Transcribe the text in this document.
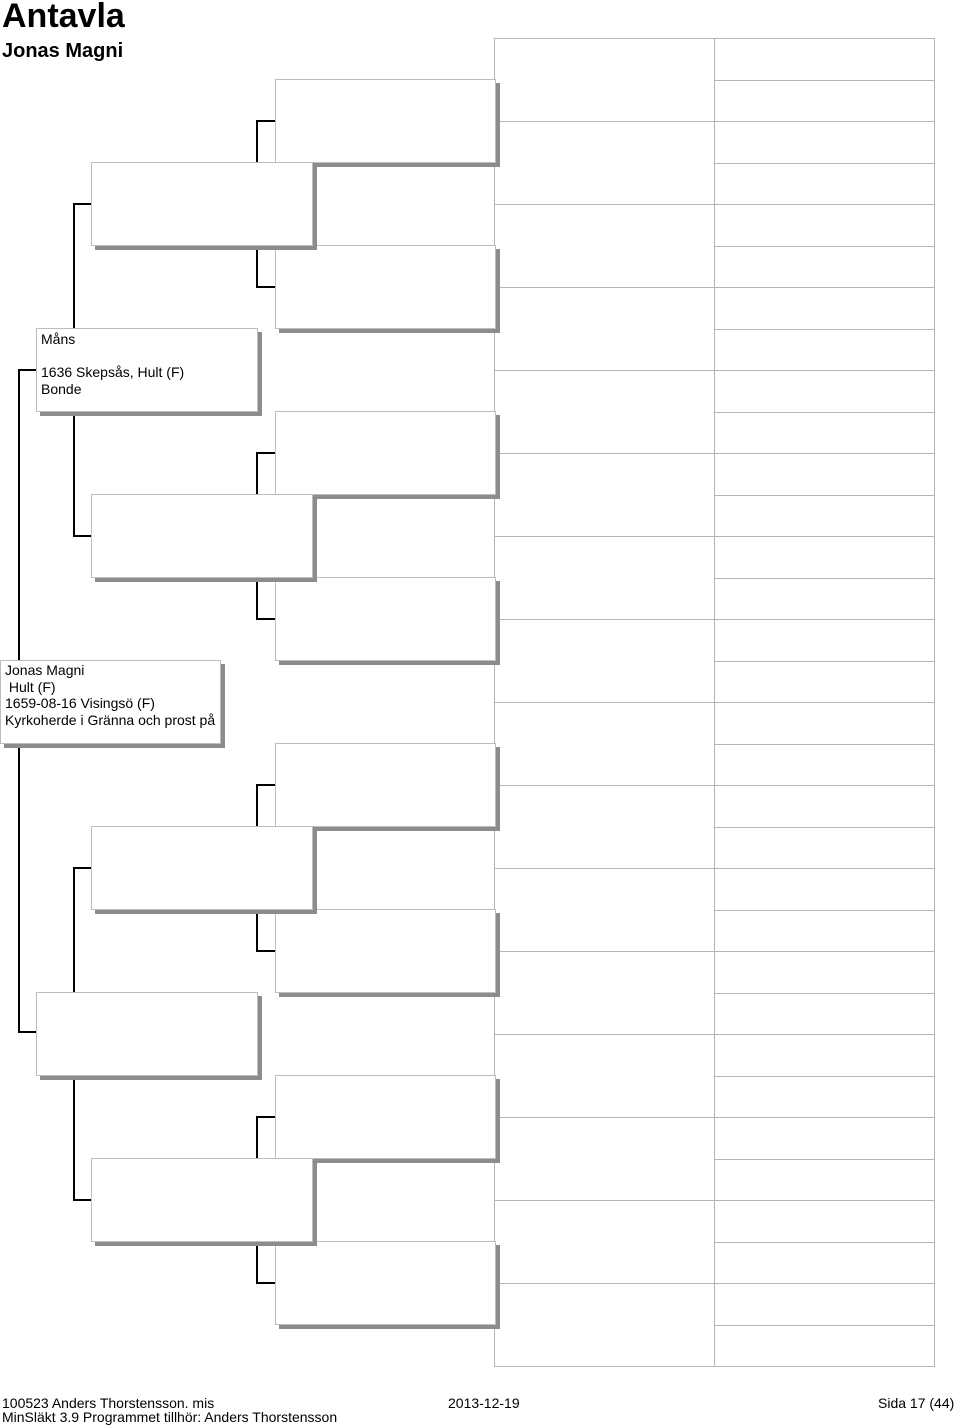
Antavla
Jonas Magni
Måns
1636 Skepsås, Hult (F)
Bonde
Jonas Magni
Hult (F)
1659-08-16 Visingsö (F)
Kyrkoherde i Gränna och prost på
100523 Anders Thorstensson. mis
MinSläkt 3.9 Programmet tillhör: Anders Thorstensson
2013-12-19	Sida 17 (44)
